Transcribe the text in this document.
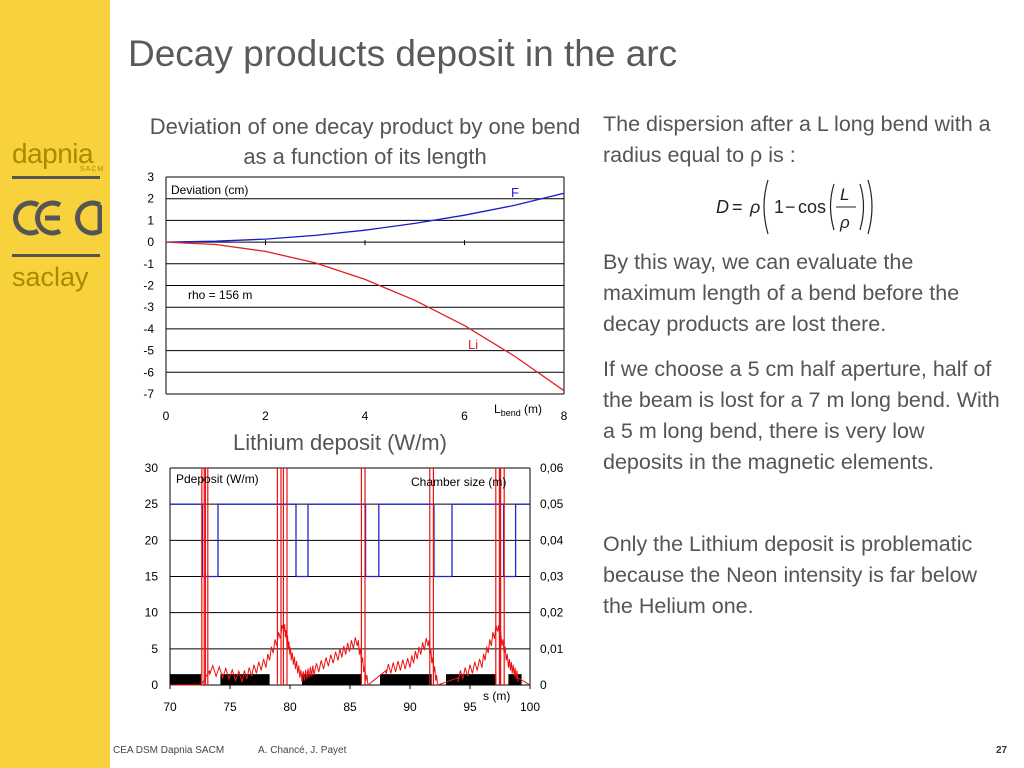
dapnia
SACM
saclay
Decay products deposit in the arc
Deviation of one decay product by one bend as a function of its length
3
2
1
0
-1
-2
-3
-4
-5
-6
-7
0	2	4	6	8
Deviation (cm)
rho = 156 m
$L_{bend}$ (m)
F
Li
30	0,06
25	0,05
20	0,04
15	0,03
10	0,02
5	0,01
0	0
70	75	80	85	90	95	100
Pdeposit (W/m)	Chamber size (m)
s (m)
Lithium deposit (W/m)
The dispersion after a L long bend with a radius equal to ρ is :
D = ρ 1 − cos
L
ρ
By this way, we can evaluate the maximum length of a bend before the decay products are lost there.
If we choose a 5 cm half aperture, half of the beam is lost for a 7 m long bend. With a 5 m long bend, there is very low deposits in the magnetic elements.
Only the Lithium deposit is problematic because the Neon intensity is far below the Helium one.
CEA DSM Dapnia SACM	A. Chancé, J. Payet	27
